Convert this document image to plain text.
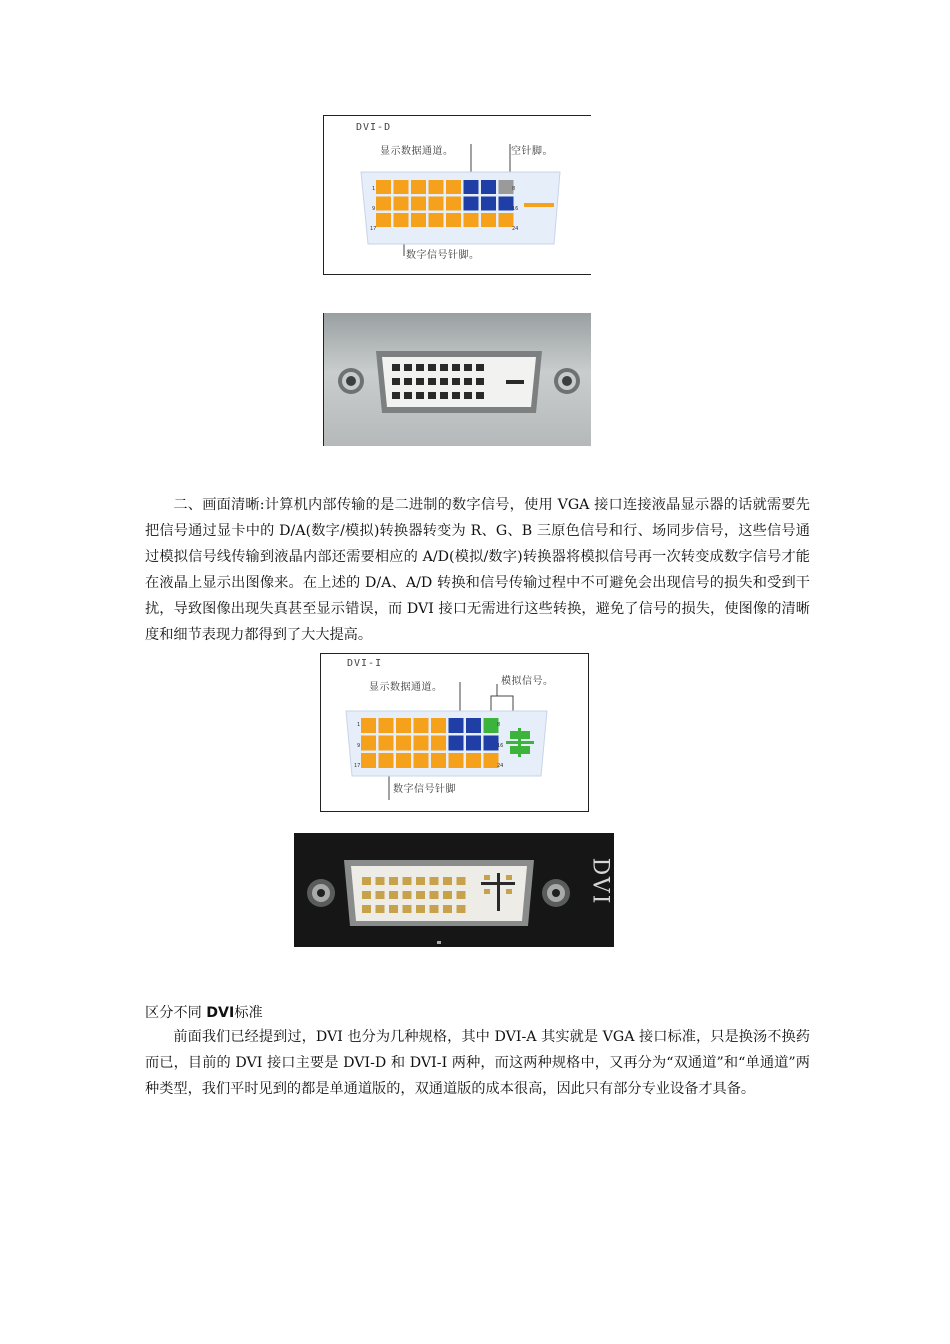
DVI-D
显示数据通道。	空针脚。
数字信号针脚。
1	8
9	16
17	24

二、画面清晰:计算机内部传输的是二进制的数字信号，使用 VGA 接口连接液晶显示器的话就需要先把信号通过显卡中的 D/A(数字/模拟)转换器转变为 R、G、B 三原色信号和行、场同步信号，这些信号通过模拟信号线传输到液晶内部还需要相应的 A/D(模拟/数字)转换器将模拟信号再一次转变成数字信号才能在液晶上显示出图像来。在上述的 D/A、A/D 转换和信号传输过程中不可避免会出现信号的损失和受到干扰，导致图像出现失真甚至显示错误，而 DVI 接口无需进行这些转换，避免了信号的损失，使图像的清晰度和细节表现力都得到了大大提高。

DVI-I
显示数据通道。
模拟信号。
数字信号针脚
1	8
9	16
17	24
DVI
区分不同 DVI标准

前面我们已经提到过，DVI 也分为几种规格，其中 DVI-A 其实就是 VGA 接口标准，只是换汤不换药而已，目前的 DVI 接口主要是 DVI-D 和 DVI-I 两种，而这两种规格中，又再分为“双通道”和“单通道”两种类型，我们平时见到的都是单通道版的，双通道版的成本很高，因此只有部分专业设备才具备。
